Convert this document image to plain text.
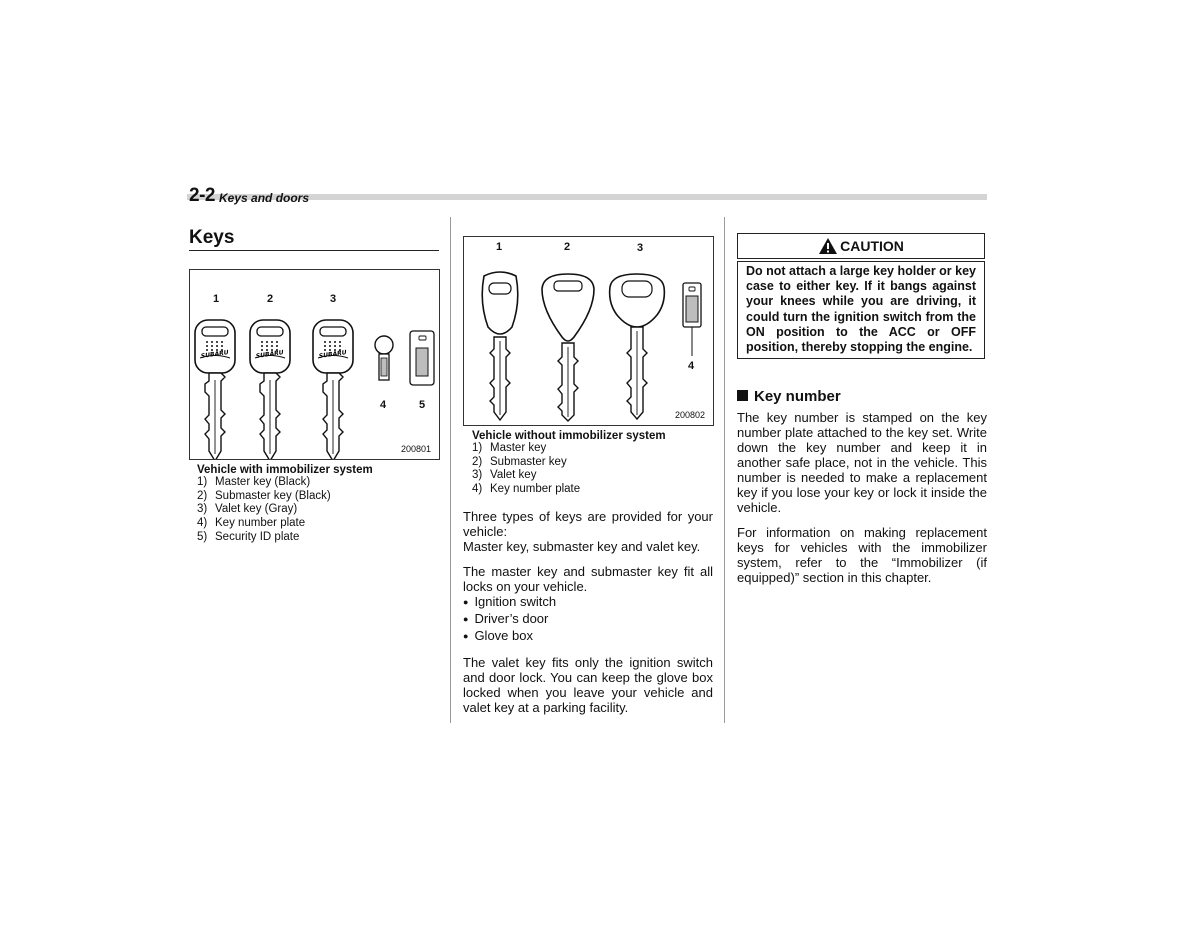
2-2 Keys and doors
Keys
1	2	3
4	5
SUBARU	SUBARU	SUBARU
200801
Vehicle with immobilizer system
1) Master key (Black)
2) Submaster key (Black)
3) Valet key (Gray)
4) Key number plate
5) Security ID plate
1	2	3
4
200802
Vehicle without immobilizer system
1) Master key
2) Submaster key
3) Valet key
4) Key number plate

Three types of keys are provided for your vehicle:

Master key, submaster key and valet key.

The master key and submaster key fit all locks on your vehicle.

● Ignition switch
● Driver’s door
● Glove box

The valet key fits only the ignition switch and door lock. You can keep the glove box locked when you leave your vehicle and valet key at a parking facility.

CAUTION
Do not attach a large key holder or key case to either key. If it bangs against your knees while you are driving, it could turn the ignition switch from the ON position to the ACC or OFF position, thereby stopping the engine.
Key number

The key number is stamped on the key number plate attached to the key set. Write down the key number and keep it in another safe place, not in the vehicle. This number is needed to make a replacement key if you lose your key or lock it inside the vehicle.

For information on making replacement keys for vehicles with the immobilizer system, refer to the “Immobilizer (if equipped)” section in this chapter.
